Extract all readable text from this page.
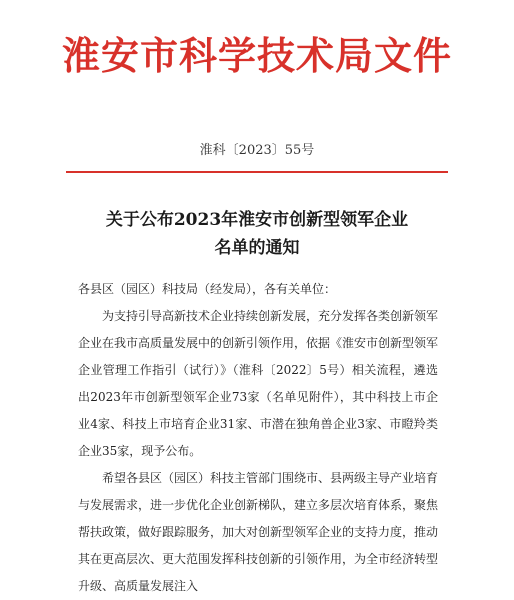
淮安市科学技术局文件
淮科〔2023〕55号
关于公布2023年淮安市创新型领军企业
名单的通知
各县区（园区）科技局（经发局），各有关单位：

为支持引导高新技术企业持续创新发展，充分发挥各类创新领军企业在我市高质量发展中的创新引领作用，依据《淮安市创新型领军企业管理工作指引（试行）》（淮科〔2022〕5号）相关流程，遴选出2023年市创新型领军企业73家（名单见附件），其中科技上市企业4家、科技上市培育企业31家、市潜在独角兽企业3家、市瞪羚类企业35家，现予公布。

希望各县区（园区）科技主管部门围绕市、县两级主导产业培育与发展需求，进一步优化企业创新梯队，建立多层次培育体系，聚焦帮扶政策，做好跟踪服务，加大对创新型领军企业的支持力度，推动其在更高层次、更大范围发挥科技创新的引领作用，为全市经济转型升级、高质量发展注入
